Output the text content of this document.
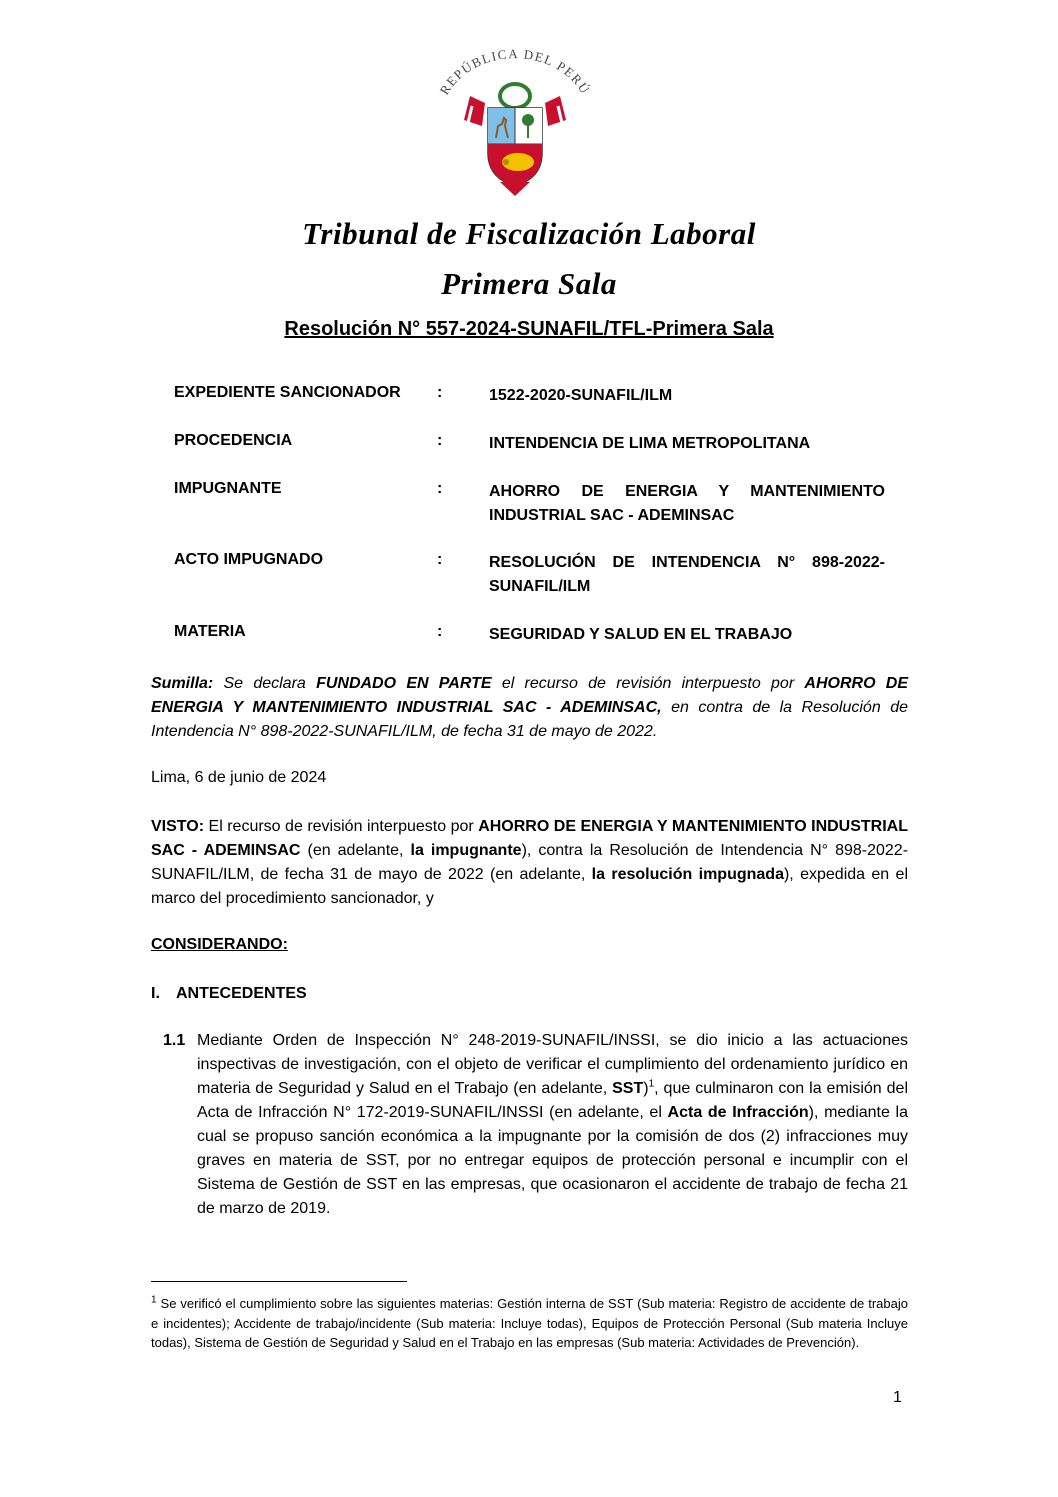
REPÚBLICA DEL PERÚ
Tribunal de Fiscalización Laboral
Primera Sala
Resolución N° 557-2024-SUNAFIL/TFL-Primera Sala
EXPEDIENTE SANCIONADOR	:	1522-2020-SUNAFIL/ILM
PROCEDENCIA	:	INTENDENCIA DE LIMA METROPOLITANA
IMPUGNANTE	:	AHORRO DE ENERGIA Y MANTENIMIENTO INDUSTRIAL SAC - ADEMINSAC
ACTO IMPUGNADO	:	RESOLUCIÓN DE INTENDENCIA N° 898-2022-SUNAFIL/ILM
MATERIA	:	SEGURIDAD Y SALUD EN EL TRABAJO
Sumilla: Se declara FUNDADO EN PARTE el recurso de revisión interpuesto por AHORRO DE ENERGIA Y MANTENIMIENTO INDUSTRIAL SAC - ADEMINSAC, en contra de la Resolución de Intendencia N° 898-2022-SUNAFIL/ILM, de fecha 31 de mayo de 2022.
Lima, 6 de junio de 2024
VISTO: El recurso de revisión interpuesto por AHORRO DE ENERGIA Y MANTENIMIENTO INDUSTRIAL SAC - ADEMINSAC (en adelante, la impugnante), contra la Resolución de Intendencia N° 898-2022-SUNAFIL/ILM, de fecha 31 de mayo de 2022 (en adelante, la resolución impugnada), expedida en el marco del procedimiento sancionador, y
CONSIDERANDO:
I. ANTECEDENTES
1.1 Mediante Orden de Inspección N° 248-2019-SUNAFIL/INSSI, se dio inicio a las actuaciones inspectivas de investigación, con el objeto de verificar el cumplimiento del ordenamiento jurídico en materia de Seguridad y Salud en el Trabajo (en adelante, SST)$^1$, que culminaron con la emisión del Acta de Infracción N° 172-2019-SUNAFIL/INSSI (en adelante, el Acta de Infracción), mediante la cual se propuso sanción económica a la impugnante por la comisión de dos (2) infracciones muy graves en materia de SST, por no entregar equipos de protección personal e incumplir con el Sistema de Gestión de SST en las empresas, que ocasionaron el accidente de trabajo de fecha 21 de marzo de 2019.
$^1$ Se verificó el cumplimiento sobre las siguientes materias: Gestión interna de SST (Sub materia: Registro de accidente de trabajo e incidentes); Accidente de trabajo/incidente (Sub materia: Incluye todas), Equipos de Protección Personal (Sub materia Incluye todas), Sistema de Gestión de Seguridad y Salud en el Trabajo en las empresas (Sub materia: Actividades de Prevención).
1
